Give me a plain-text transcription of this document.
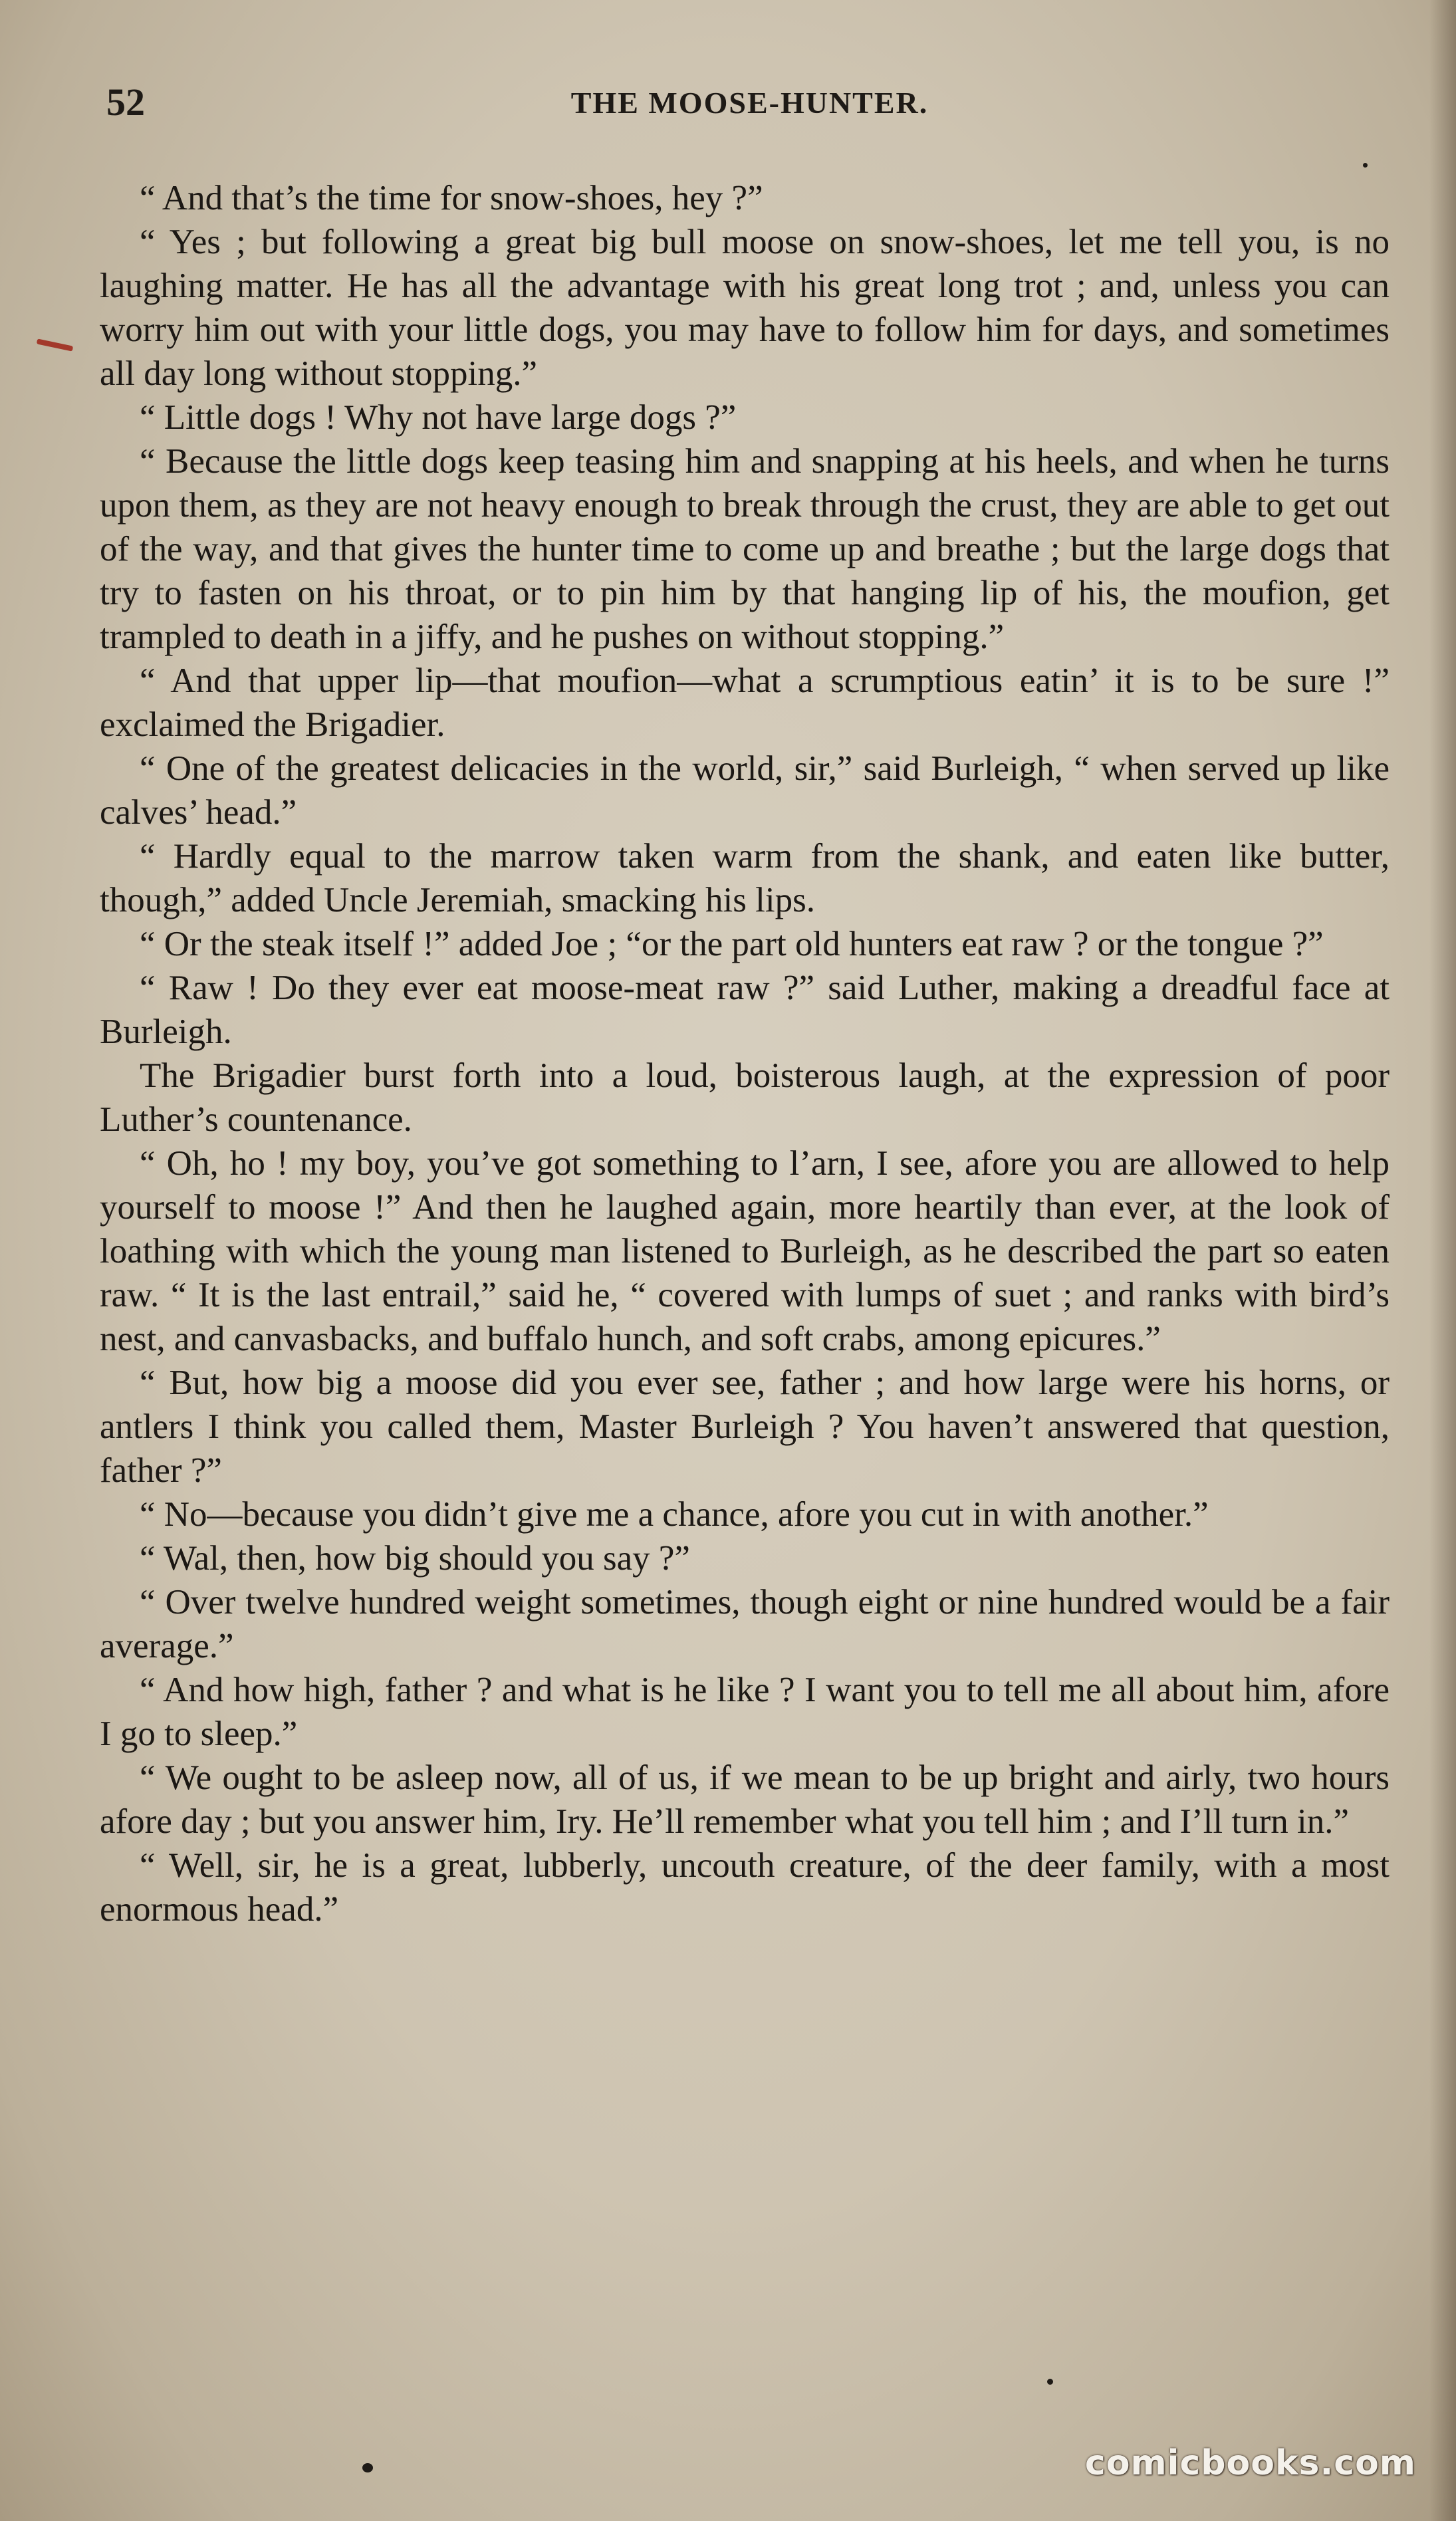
52	THE MOOSE-HUNTER.

“ And that’s the time for snow-shoes, hey ?”

“ Yes ; but following a great big bull moose on snow-shoes, let me tell you, is no laughing matter. He has all the advantage with his great long trot ; and, unless you can worry him out with your little dogs, you may have to follow him for days, and sometimes all day long without stopping.”

“ Little dogs ! Why not have large dogs ?”

“ Because the little dogs keep teasing him and snapping at his heels, and when he turns upon them, as they are not heavy enough to break through the crust, they are able to get out of the way, and that gives the hunter time to come up and breathe ; but the large dogs that try to fasten on his throat, or to pin him by that hanging lip of his, the moufion, get trampled to death in a jiffy, and he pushes on without stopping.”

“ And that upper lip—that moufion—what a scrumptious eatin’ it is to be sure !” exclaimed the Brigadier.

“ One of the greatest delicacies in the world, sir,” said Burleigh, “ when served up like calves’ head.”

“ Hardly equal to the marrow taken warm from the shank, and eaten like butter, though,” added Uncle Jeremiah, smacking his lips.

“ Or the steak itself !” added Joe ; “or the part old hunters eat raw ? or the tongue ?”

“ Raw ! Do they ever eat moose-meat raw ?” said Luther, making a dreadful face at Burleigh.

The Brigadier burst forth into a loud, boisterous laugh, at the expression of poor Luther’s countenance.

“ Oh, ho ! my boy, you’ve got something to l’arn, I see, afore you are allowed to help yourself to moose !” And then he laughed again, more heartily than ever, at the look of loathing with which the young man listened to Burleigh, as he described the part so eaten raw. “ It is the last entrail,” said he, “ covered with lumps of suet ; and ranks with bird’s nest, and canvasbacks, and buffalo hunch, and soft crabs, among epicures.”

“ But, how big a moose did you ever see, father ; and how large were his horns, or antlers I think you called them, Master Burleigh ? You haven’t answered that question, father ?”

“ No—because you didn’t give me a chance, afore you cut in with another.”

“ Wal, then, how big should you say ?”

“ Over twelve hundred weight sometimes, though eight or nine hundred would be a fair average.”

“ And how high, father ? and what is he like ? I want you to tell me all about him, afore I go to sleep.”

“ We ought to be asleep now, all of us, if we mean to be up bright and airly, two hours afore day ; but you answer him, Iry. He’ll remember what you tell him ; and I’ll turn in.”

“ Well, sir, he is a great, lubberly, uncouth creature, of the deer family, with a most enormous head.”

comicbooks.com
